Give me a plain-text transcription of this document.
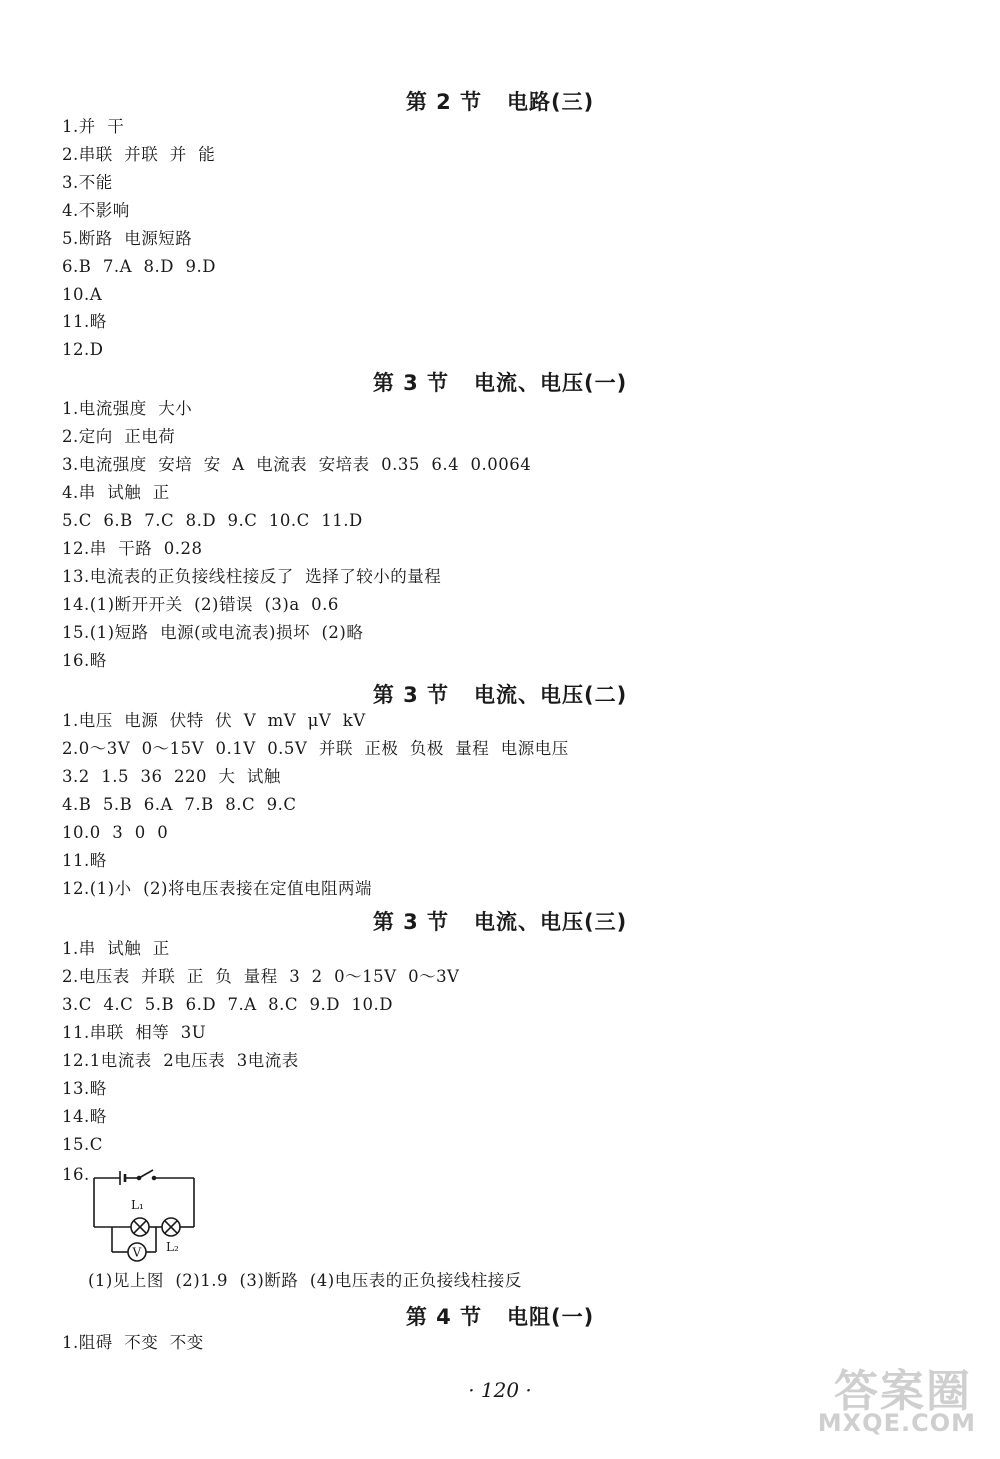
第 2 节   电路(三)
1.并  干
2.串联  并联  并  能
3.不能
4.不影响
5.断路  电源短路
6.B  7.A  8.D  9.D
10.A
11.略
12.D
第 3 节   电流、电压(一)
1.电流强度  大小
2.定向  正电荷
3.电流强度  安培  安  A  电流表  安培表  0.35  6.4  0.0064
4.串  试触  正
5.C  6.B  7.C  8.D  9.C  10.C  11.D
12.串  干路  0.28
13.电流表的正负接线柱接反了  选择了较小的量程
14.(1)断开开关  (2)错误  (3)a  0.6
15.(1)短路  电源(或电流表)损坏  (2)略
16.略
第 3 节   电流、电压(二)
1.电压  电源  伏特  伏  V  mV  μV  kV
2.0～3V  0～15V  0.1V  0.5V  并联  正极  负极  量程  电源电压
3.2  1.5  36  220  大  试触
4.B  5.B  6.A  7.B  8.C  9.C
10.0  3  0  0
11.略
12.(1)小  (2)将电压表接在定值电阻两端
第 3 节   电流、电压(三)
1.串  试触  正
2.电压表  并联  正  负  量程  3  2  0～15V  0～3V
3.C  4.C  5.B  6.D  7.A  8.C  9.D  10.D
11.串联  相等  3U
12.1电流表  2电压表  3电流表
13.略
14.略
15.C
16.
L₁
L₂
V
(1)见上图  (2)1.9  (3)断路  (4)电压表的正负接线柱接反
第 4 节   电阻(一)
1.阻碍  不变  不变
· 120 ·	答案圈
MXQE.COM
